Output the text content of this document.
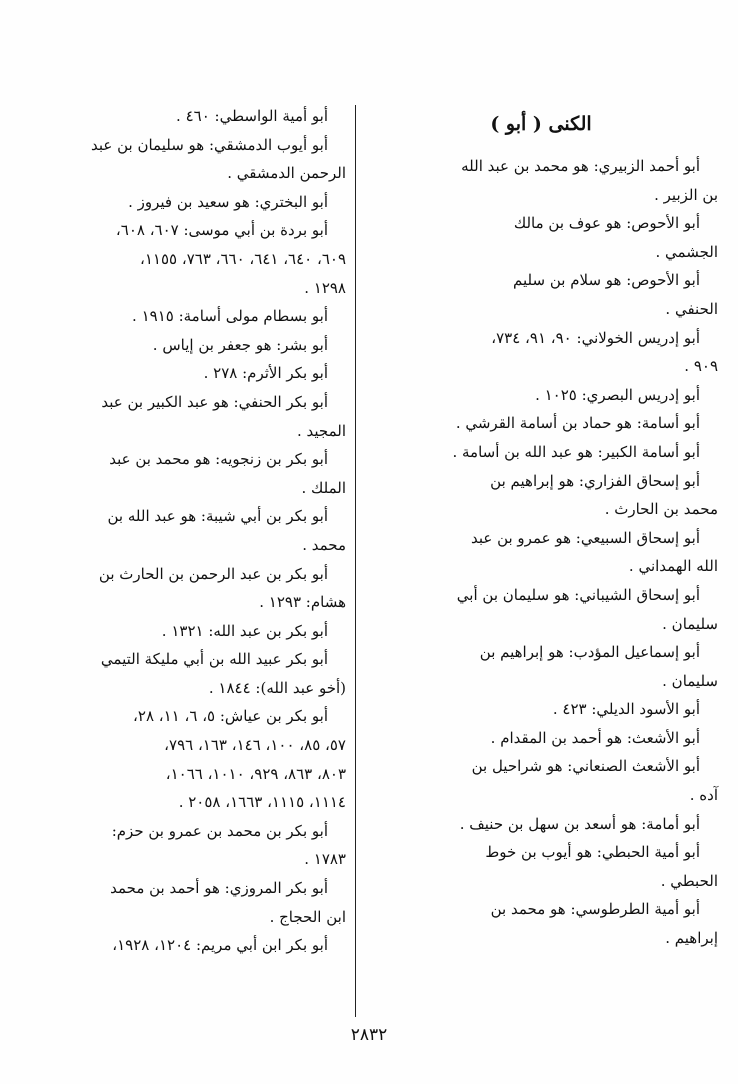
الكنى ( أبو )
أبو أحمد الزبيري: هو محمد بن عبد الله
بن الزبير .
أبو الأحوص: هو عوف بن مالك
الجشمي .
أبو الأحوص: هو سلام بن سليم
الحنفي .
أبو إدريس الخولاني: ٩٠، ٩١، ٧٣٤،
٩٠٩ .
أبو إدريس البصري: ١٠٢٥ .
أبو أسامة: هو حماد بن أسامة القرشي .
أبو أسامة الكبير: هو عبد الله بن أسامة .
أبو إسحاق الفزاري: هو إبراهيم بن
محمد بن الحارث .
أبو إسحاق السبيعي: هو عمرو بن عبد
الله الهمداني .
أبو إسحاق الشيباني: هو سليمان بن أبي
سليمان .
أبو إسماعيل المؤدب: هو إبراهيم بن
سليمان .
أبو الأسود الديلي: ٤٢٣ .
أبو الأشعث: هو أحمد بن المقدام .
أبو الأشعث الصنعاني: هو شراحيل بن
آده .
أبو أمامة: هو أسعد بن سهل بن حنيف .
أبو أمية الحبطي: هو أيوب بن خوط
الحبطي .
أبو أمية الطرطوسي: هو محمد بن
إبراهيم .
أبو أمية الواسطي: ٤٦٠ .
أبو أيوب الدمشقي: هو سليمان بن عبد
الرحمن الدمشقي .
أبو البختري: هو سعيد بن فيروز .
أبو بردة بن أبي موسى: ٦٠٧، ٦٠٨،
٦٠٩، ٦٤٠، ٦٤١، ٦٦٠، ٧٦٣، ١١٥٥،
١٢٩٨ .
أبو بسطام مولى أسامة: ١٩١٥ .
أبو بشر: هو جعفر بن إياس .
أبو بكر الأثرم: ٢٧٨ .
أبو بكر الحنفي: هو عبد الكبير بن عبد
المجيد .
أبو بكر بن زنجويه: هو محمد بن عبد
الملك .
أبو بكر بن أبي شيبة: هو عبد الله بن
محمد .
أبو بكر بن عبد الرحمن بن الحارث بن
هشام: ١٢٩٣ .
أبو بكر بن عبد الله: ١٣٢١ .
أبو بكر عبيد الله بن أبي مليكة التيمي
(أخو عبد الله): ١٨٤٤ .
أبو بكر بن عياش: ٥، ٦، ١١، ٢٨،
٥٧، ٨٥، ١٠٠، ١٤٦، ١٦٣، ٧٩٦،
٨٠٣، ٨٦٣، ٩٢٩، ١٠١٠، ١٠٦٦،
١١١٤، ١١١٥، ١٦٦٣، ٢٠٥٨ .
أبو بكر بن محمد بن عمرو بن حزم:
١٧٨٣ .
أبو بكر المروزي: هو أحمد بن محمد
ابن الحجاج .
أبو بكر ابن أبي مريم: ١٢٠٤، ١٩٢٨،
٢٨٣٢
